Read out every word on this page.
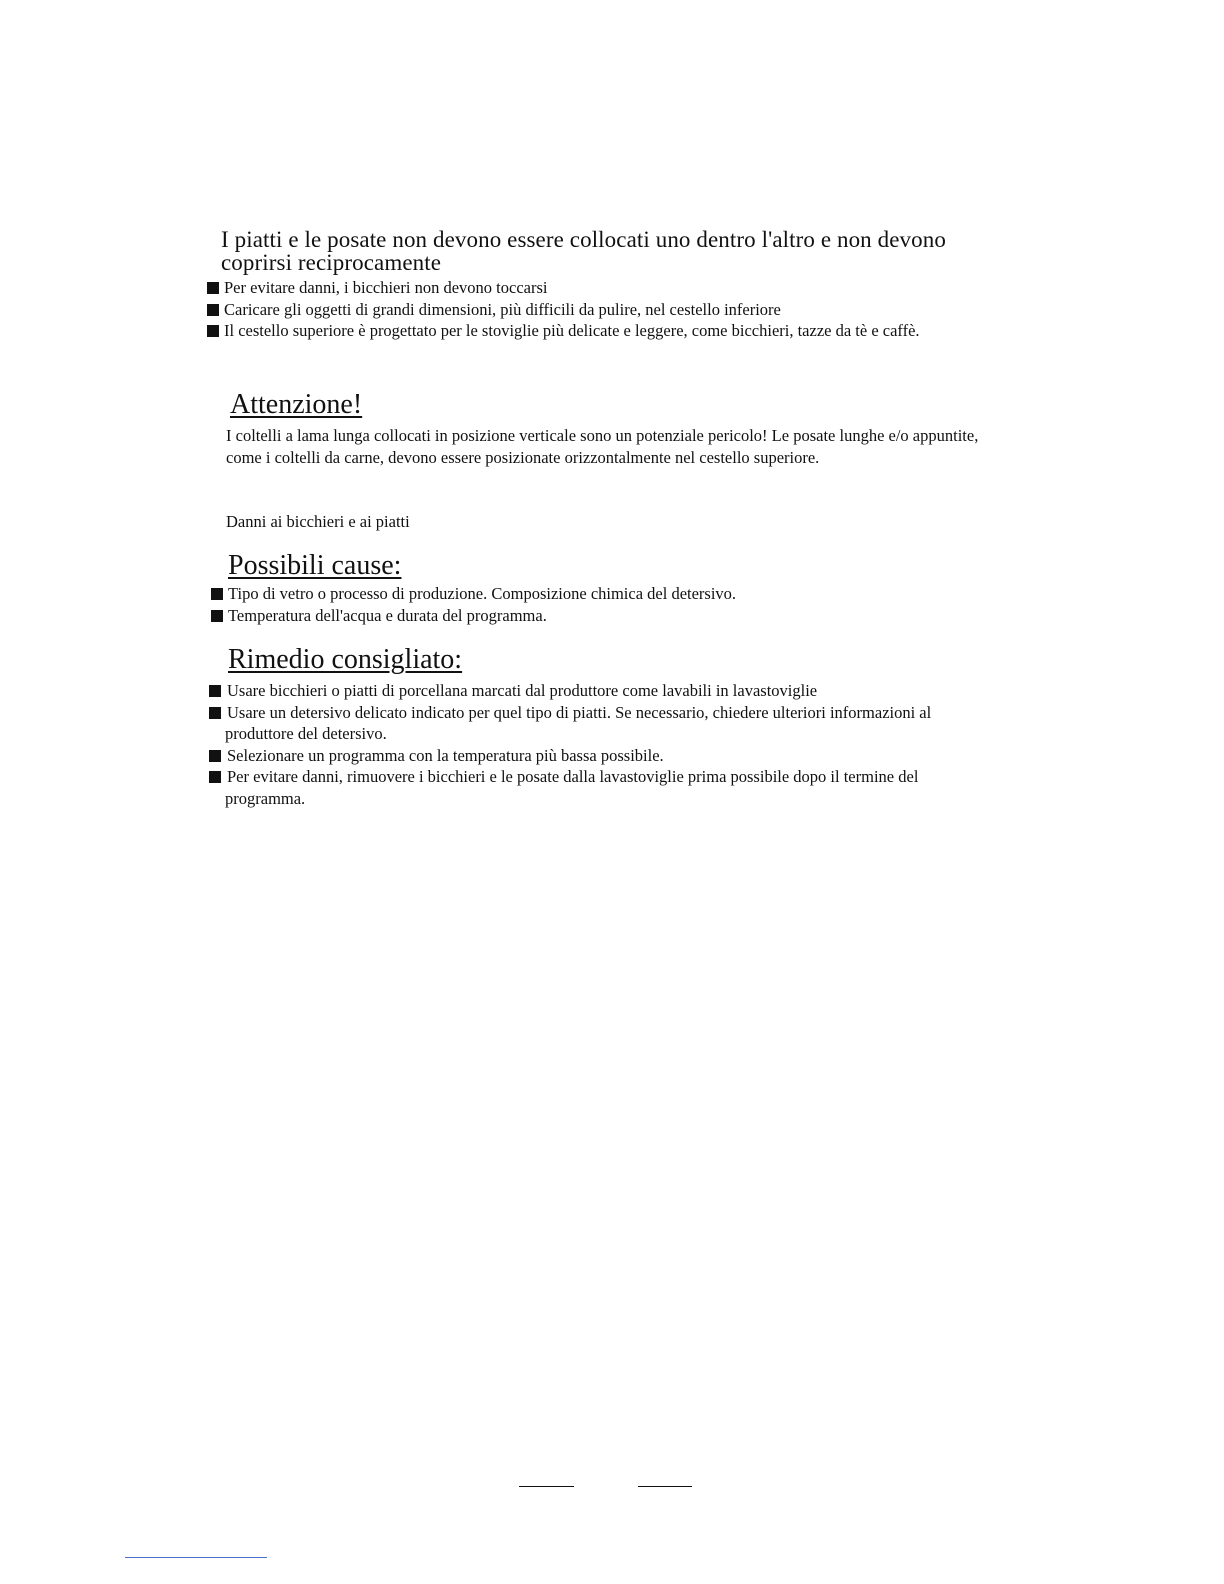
I piatti e le posate non devono essere collocati uno dentro l'altro e non devono coprirsi reciprocamente
Per evitare danni, i bicchieri non devono toccarsi
Caricare gli oggetti di grandi dimensioni, più difficili da pulire, nel cestello inferiore
Il cestello superiore è progettato per le stoviglie più delicate e leggere, come bicchieri, tazze da tè e caffè.
Attenzione!
I coltelli a lama lunga collocati in posizione verticale sono un potenziale pericolo! Le posate lunghe e/o appuntite, come i coltelli da carne, devono essere posizionate orizzontalmente nel cestello superiore.
Danni ai bicchieri e ai piatti
Possibili cause:
Tipo di vetro o processo di produzione. Composizione chimica del detersivo.
Temperatura dell'acqua e durata del programma.
Rimedio consigliato:
Usare bicchieri o piatti di porcellana marcati dal produttore come lavabili in lavastoviglie
Usare un detersivo delicato indicato per quel tipo di piatti. Se necessario, chiedere ulteriori informazioni al produttore del detersivo.
Selezionare un programma con la temperatura più bassa possibile.
Per evitare danni, rimuovere i bicchieri e le posate dalla lavastoviglie prima possibile dopo il termine del programma.
